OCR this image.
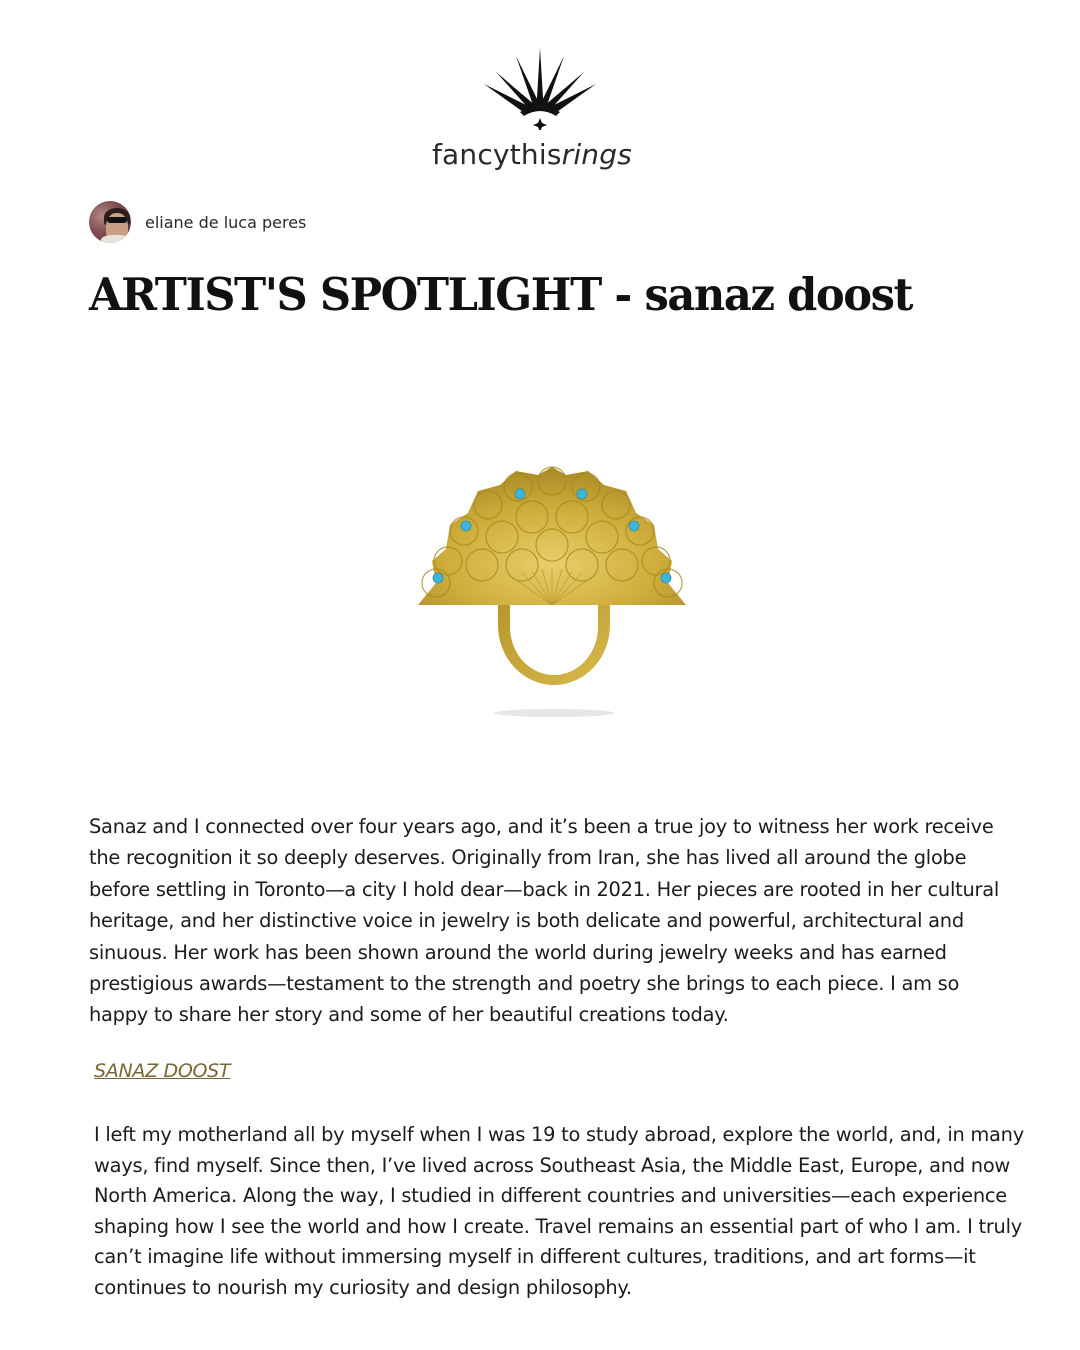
fancythisrings
eliane de luca peres
ARTIST'S SPOTLIGHT - sanaz doost

Sanaz and I connected over four years ago, and it’s been a true joy to witness her work receive
the recognition it so deeply deserves. Originally from Iran, she has lived all around the globe
before settling in Toronto—a city I hold dear—back in 2021. Her pieces are rooted in her cultural
heritage, and her distinctive voice in jewelry is both delicate and powerful, architectural and
sinuous. Her work has been shown around the world during jewelry weeks and has earned
prestigious awards—testament to the strength and poetry she brings to each piece. I am so
happy to share her story and some of her beautiful creations today.

SANAZ DOOST

I left my motherland all by myself when I was 19 to study abroad, explore the world, and, in many
ways, find myself. Since then, I’ve lived across Southeast Asia, the Middle East, Europe, and now
North America. Along the way, I studied in different countries and universities—each experience
shaping how I see the world and how I create. Travel remains an essential part of who I am. I truly
can’t imagine life without immersing myself in different cultures, traditions, and art forms—it
continues to nourish my curiosity and design philosophy.
